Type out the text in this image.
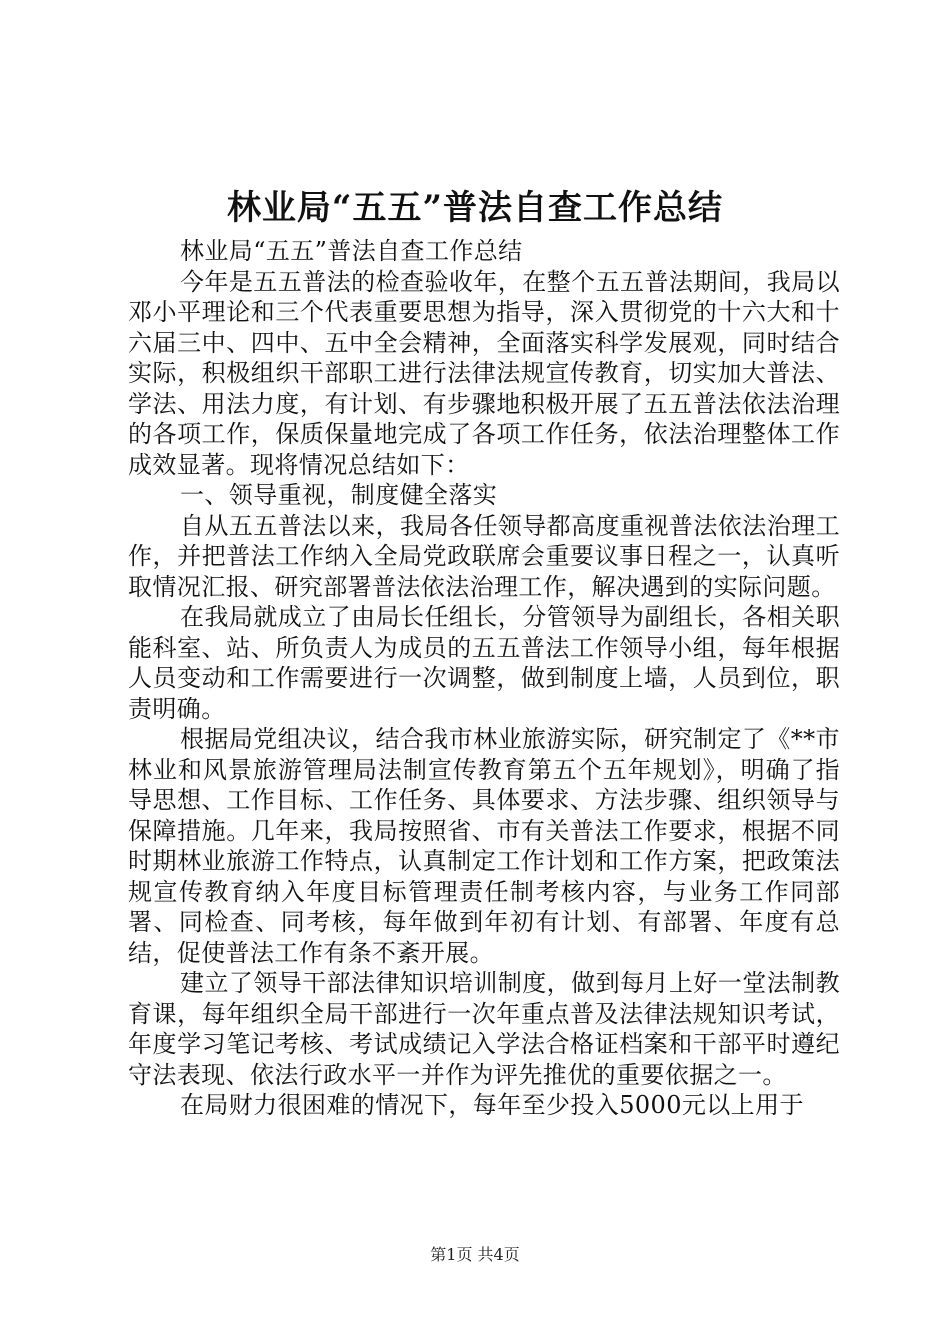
林业局“五五”普法自查工作总结

林业局“五五”普法自查工作总结

今年是五五普法的检查验收年，在整个五五普法期间，我局以邓小平理论和三个代表重要思想为指导，深入贯彻党的十六大和十六届三中、四中、五中全会精神，全面落实科学发展观，同时结合实际，积极组织干部职工进行法律法规宣传教育，切实加大普法、学法、用法力度，有计划、有步骤地积极开展了五五普法依法治理的各项工作，保质保量地完成了各项工作任务，依法治理整体工作成效显著。现将情况总结如下：

一、领导重视，制度健全落实

自从五五普法以来，我局各任领导都高度重视普法依法治理工作，并把普法工作纳入全局党政联席会重要议事日程之一，认真听取情况汇报、研究部署普法依法治理工作，解决遇到的实际问题。

在我局就成立了由局长任组长，分管领导为副组长，各相关职能科室、站、所负责人为成员的五五普法工作领导小组，每年根据人员变动和工作需要进行一次调整，做到制度上墙，人员到位，职责明确。

根据局党组决议，结合我市林业旅游实际，研究制定了《**市林业和风景旅游管理局法制宣传教育第五个五年规划》，明确了指导思想、工作目标、工作任务、具体要求、方法步骤、组织领导与保障措施。几年来，我局按照省、市有关普法工作要求，根据不同时期林业旅游工作特点，认真制定工作计划和工作方案，把政策法规宣传教育纳入年度目标管理责任制考核内容，与业务工作同部署、同检查、同考核，每年做到年初有计划、有部署、年度有总结，促使普法工作有条不紊开展。

建立了领导干部法律知识培训制度，做到每月上好一堂法制教育课，每年组织全局干部进行一次年重点普及法律法规知识考试，年度学习笔记考核、考试成绩记入学法合格证档案和干部平时遵纪守法表现、依法行政水平一并作为评先推优的重要依据之一。

在局财力很困难的情况下，每年至少投入5000元以上用于

第1页 共4页
